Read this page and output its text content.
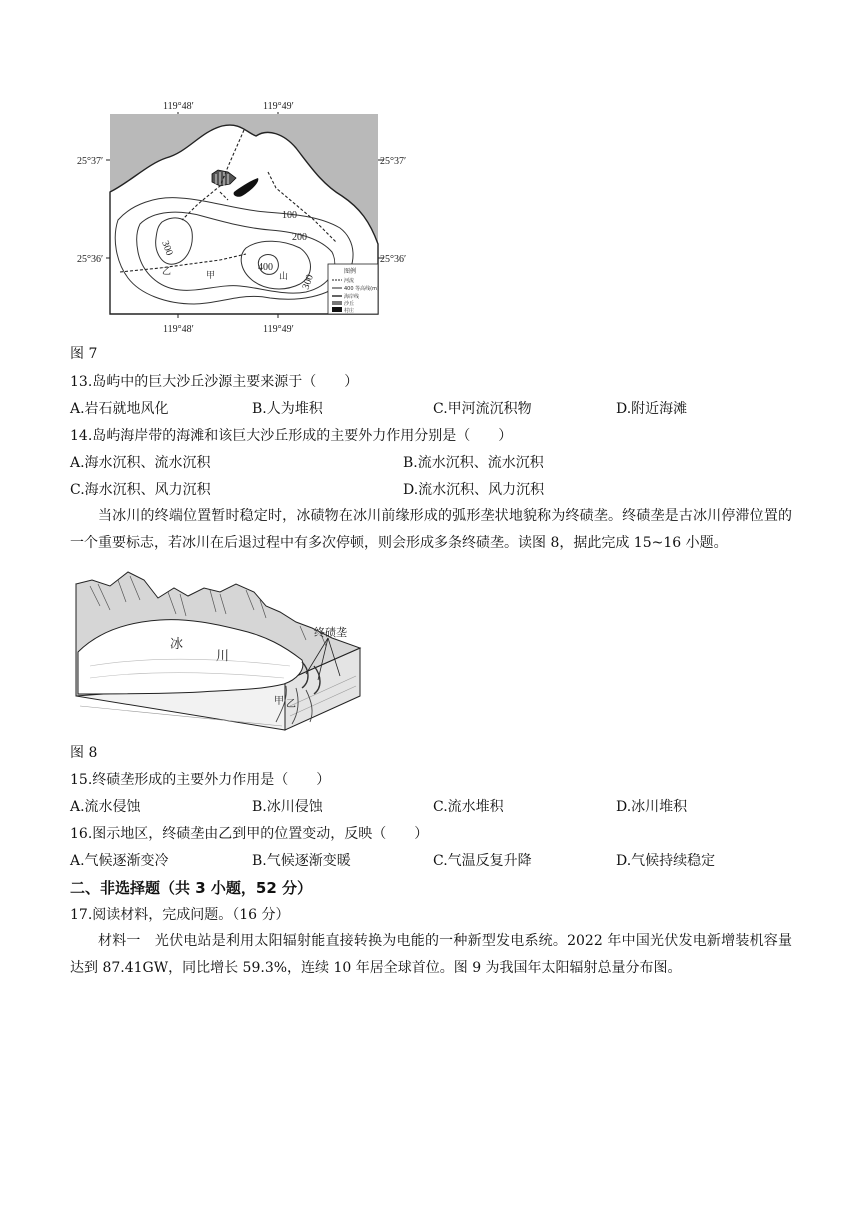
119°48′	119°49′
119°48′	119°49′
25°37′
25°36′
25°37′
25°36′
100
200
300
300
400
乙	甲	山
图例
河流
400 等高线(m)
海岸线
沙丘
村庄
图 7
13.岛屿中的巨大沙丘沙源主要来源于（　　）
A.岩石就地风化	B.人为堆积	C.甲河流沉积物	D.附近海滩
14.岛屿海岸带的海滩和该巨大沙丘形成的主要外力作用分别是（　　）
A.海水沉积、流水沉积	B.流水沉积、流水沉积
C.海水沉积、风力沉积	D.流水沉积、风力沉积
当冰川的终端位置暂时稳定时，冰碛物在冰川前缘形成的弧形垄状地貌称为终碛垄。终碛垄是古冰川停滞位置的一个重要标志，若冰川在后退过程中有多次停顿，则会形成多条终碛垄。读图 8，据此完成 15~16 小题。
冰
川
终碛垄
甲 乙
图 8
15.终碛垄形成的主要外力作用是（　　）
A.流水侵蚀	B.冰川侵蚀	C.流水堆积	D.冰川堆积
16.图示地区，终碛垄由乙到甲的位置变动，反映（　　）
A.气候逐渐变冷	B.气候逐渐变暖	C.气温反复升降	D.气候持续稳定
二、非选择题（共 3 小题，52 分）
17.阅读材料，完成问题。（16 分）
材料一　光伏电站是利用太阳辐射能直接转换为电能的一种新型发电系统。2022 年中国光伏发电新增装机容量达到 87.41GW，同比增长 59.3%，连续 10 年居全球首位。图 9 为我国年太阳辐射总量分布图。
